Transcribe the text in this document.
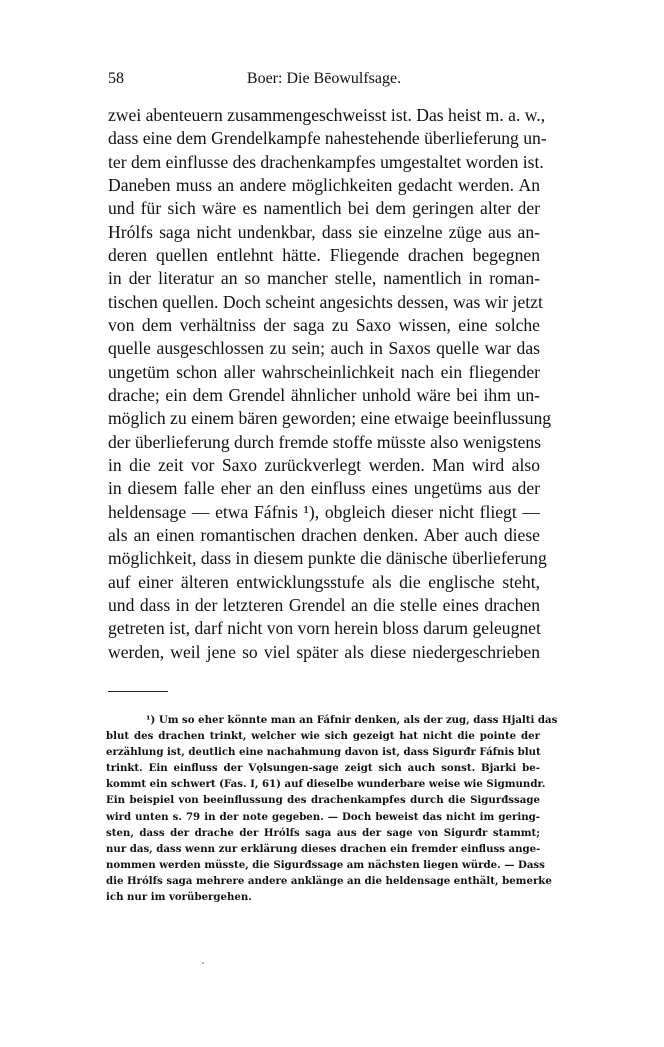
58	Boer: Die Bēowulfsage.
zwei abenteuern zusammengeschweisst ist. Das heist m. a. w.,
dass eine dem Grendelkampfe nahestehende überlieferung un-
ter dem einflusse des drachenkampfes umgestaltet worden ist.
Daneben muss an andere möglichkeiten gedacht werden. An
und für sich wäre es namentlich bei dem geringen alter der
Hrólfs saga nicht undenkbar, dass sie einzelne züge aus an-
deren quellen entlehnt hätte. Fliegende drachen begegnen
in der literatur an so mancher stelle, namentlich in roman-
tischen quellen. Doch scheint angesichts dessen, was wir jetzt
von dem verhältniss der saga zu Saxo wissen, eine solche
quelle ausgeschlossen zu sein; auch in Saxos quelle war das
ungetüm schon aller wahrscheinlichkeit nach ein fliegender
drache; ein dem Grendel ähnlicher unhold wäre bei ihm un-
möglich zu einem bären geworden; eine etwaige beeinflussung
der überlieferung durch fremde stoffe müsste also wenigstens
in die zeit vor Saxo zurückverlegt werden. Man wird also
in diesem falle eher an den einfluss eines ungetüms aus der
heldensage — etwa Fáfnis ¹), obgleich dieser nicht fliegt —
als an einen romantischen drachen denken. Aber auch diese
möglichkeit, dass in diesem punkte die dänische überlieferung
auf einer älteren entwicklungsstufe als die englische steht,
und dass in der letzteren Grendel an die stelle eines drachen
getreten ist, darf nicht von vorn herein bloss darum geleugnet
werden, weil jene so viel später als diese niedergeschrieben
¹) Um so eher könnte man an Fáfnir denken, als der zug, dass Hjalti das
blut des drachen trinkt, welcher wie sich gezeigt hat nicht die pointe der
erzählung ist, deutlich eine nachahmung davon ist, dass Sigurđr Fáfnis blut
trinkt. Ein einfluss der Vǫlsungen-sage zeigt sich auch sonst. Bjarki be-
kommt ein schwert (Fas. I, 61) auf dieselbe wunderbare weise wie Sigmundr.
Ein beispiel von beeinflussung des drachenkampfes durch die Sigurđssage
wird unten s. 79 in der note gegeben. — Doch beweist das nicht im gering-
sten, dass der drache der Hrólfs saga aus der sage von Sigurđr stammt;
nur das, dass wenn zur erklärung dieses drachen ein fremder einfluss ange-
nommen werden müsste, die Sigurđssage am nächsten liegen würde. — Dass
die Hrólfs saga mehrere andere anklänge an die heldensage enthält, bemerke
ich nur im vorübergehen.
